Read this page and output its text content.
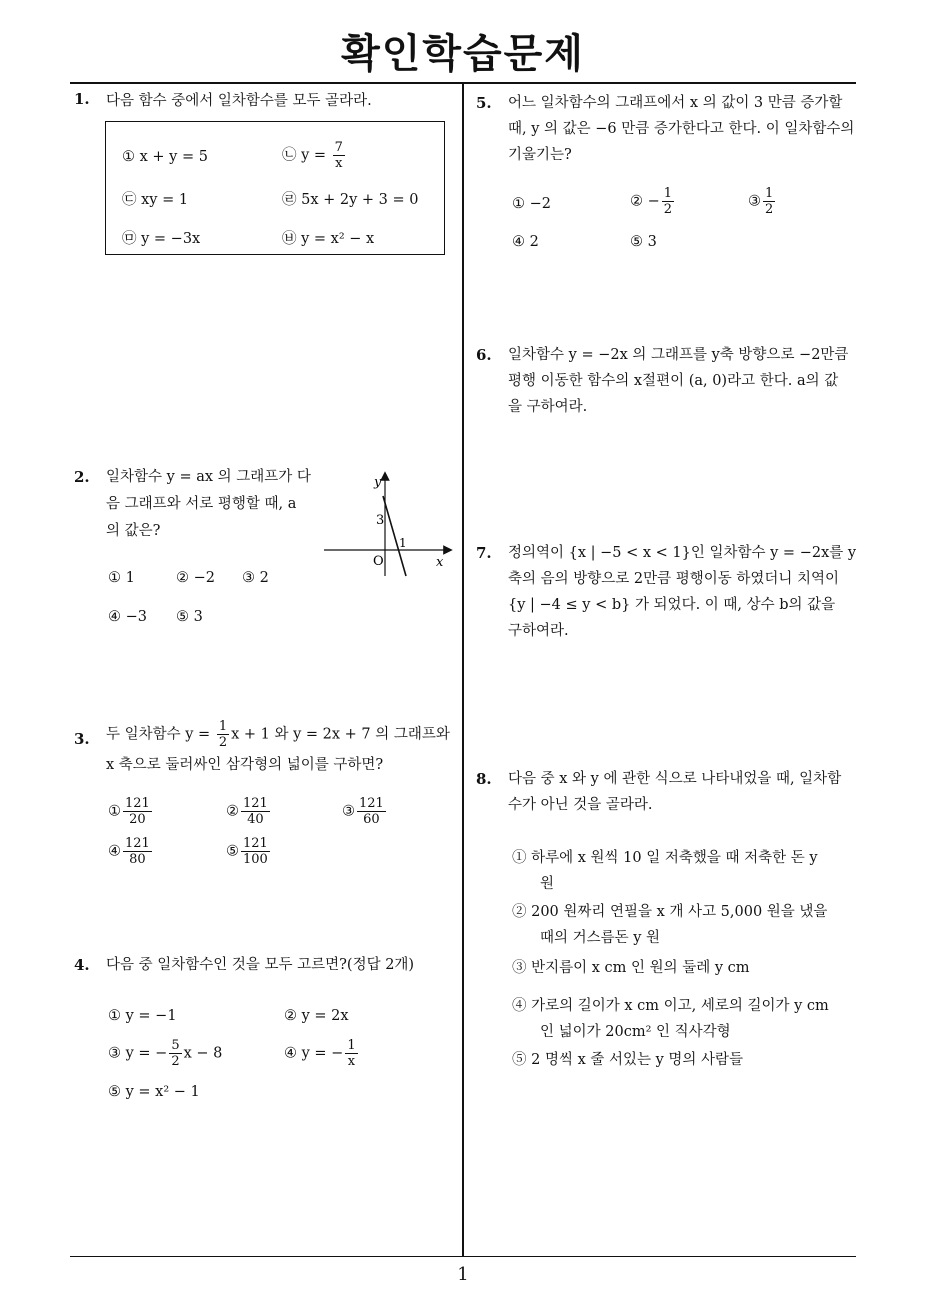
확인학습문제
1. 다음 함수 중에서 일차함수를 모두 골라라.
① x + y = 5	㉡ $y = \frac{7}{x}$
㉢ xy = 1	㉣ 5x + 2y + 3 = 0
㉤ y = −3x	㉥ y = x² − x
2. 일차함수 y = ax 의 그래프가 다음 그래프와 서로 평행할 때, a 의 값은?
y
x
O
3
1
① 1	② −2 ③ 2
④ −3 ⑤ 3
3. 두 일차함수 $y = \frac{1}{2}$ x + 1 와 y = 2x + 7 의 그래프와
x 축으로 둘러싸인 삼각형의 넓이를 구하면?
① $\frac{121}{20}$	② $\frac{121}{40}$	③ $\frac{121}{60}$
④ $\frac{121}{80}$	⑤ $\frac{121}{100}$
4. 다음 중 일차함수인 것을 모두 고르면?(정답 2개)
① y = −1	② y = 2x
③ y = − $\frac{5}{2}$ x − 8	④ y = − $\frac{1}{x}$
⑤ y = x² − 1
5. 어느 일차함수의 그래프에서 x 의 값이 3 만큼 증가할
때, y 의 값은 −6 만큼 증가한다고 한다. 이 일차함수의
기울기는?
① −2	② − $\frac{1}{2}$	③ $\frac{1}{2}$
④ 2	⑤ 3
6. 일차함수 y = −2x 의 그래프를 y축 방향으로 −2만큼
평행 이동한 함수의 x절편이 (a, 0)라고 한다. a의 값
을 구하여라.
7. 정의역이 {x | −5 < x < 1}인 일차함수 y = −2x를 y
축의 음의 방향으로 2만큼 평행이동 하였더니 치역이
{y | −4 ≤ y < b} 가 되었다. 이 때, 상수 b의 값을
구하여라.
8. 다음 중 x 와 y 에 관한 식으로 나타내었을 때, 일차함
수가 아닌 것을 골라라.
① 하루에 x 원씩 10 일 저축했을 때 저축한 돈 y
원
② 200 원짜리 연필을 x 개 사고 5,000 원을 냈을
때의 거스름돈 y 원
③ 반지름이 x cm 인 원의 둘레 y cm
④ 가로의 길이가 x cm 이고, 세로의 길이가 y cm
인 넓이가 20cm² 인 직사각형
⑤ 2 명씩 x 줄 서있는 y 명의 사람들
1
